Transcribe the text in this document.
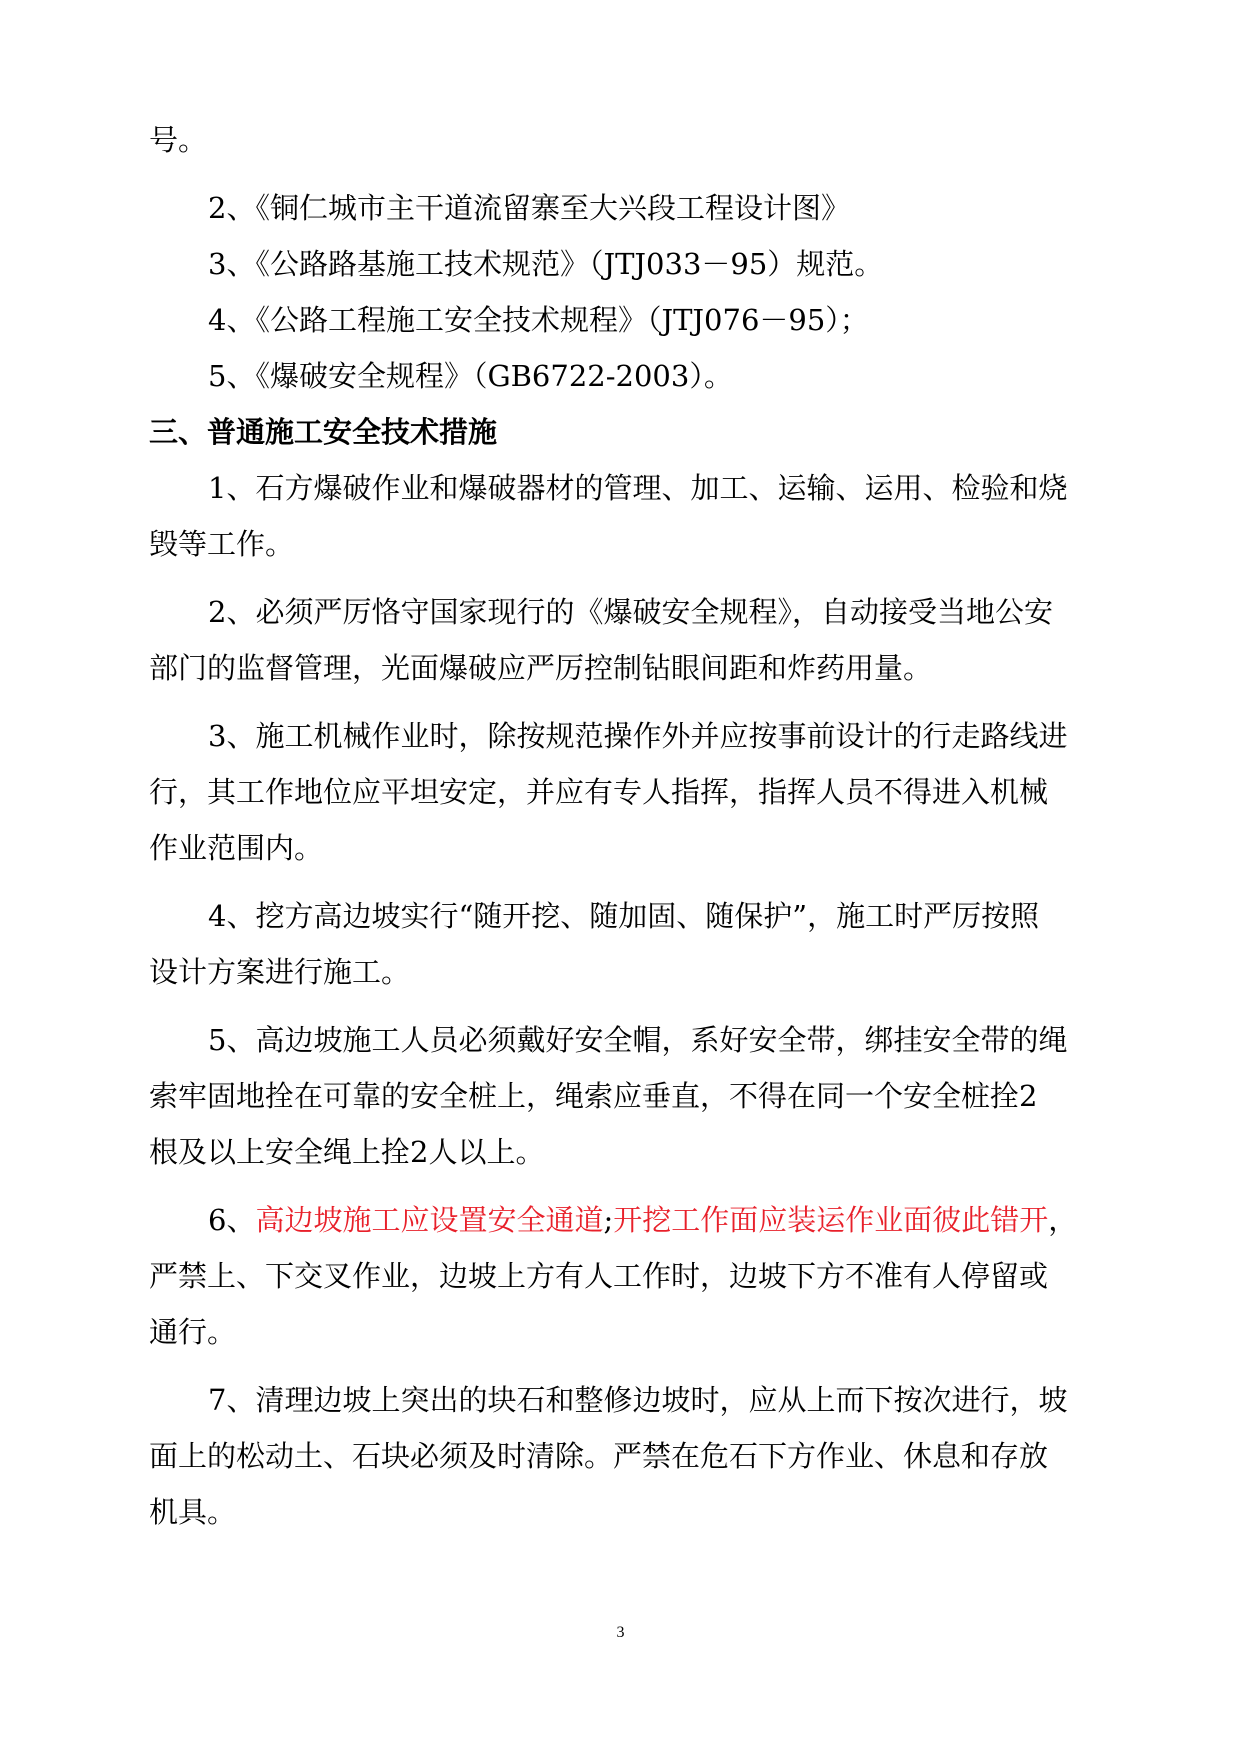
号。
2、《铜仁城市主干道流留寨至大兴段工程设计图》
3、《公路路基施工技术规范》（JTJ033－95）规范。
4、《公路工程施工安全技术规程》（JTJ076－95）；
5、《爆破安全规程》（GB6722-2003）。
三、普通施工安全技术措施
1、石方爆破作业和爆破器材的管理、加工、运输、运用、检验和烧
毁等工作。
2、必须严厉恪守国家现行的《爆破安全规程》，自动接受当地公安
部门的监督管理，光面爆破应严厉控制钻眼间距和炸药用量。
3、施工机械作业时，除按规范操作外并应按事前设计的行走路线进
行，其工作地位应平坦安定，并应有专人指挥，指挥人员不得进入机械
作业范围内。
4、挖方高边坡实行“随开挖、随加固、随保护”，施工时严厉按照
设计方案进行施工。
5、高边坡施工人员必须戴好安全帽，系好安全带，绑挂安全带的绳
索牢固地拴在可靠的安全桩上，绳索应垂直，不得在同一个安全桩拴2
根及以上安全绳上拴2人以上。
6、高边坡施工应设置安全通道;开挖工作面应装运作业面彼此错开，
严禁上、下交叉作业，边坡上方有人工作时，边坡下方不准有人停留或
通行。
7、清理边坡上突出的块石和整修边坡时，应从上而下按次进行，坡
面上的松动土、石块必须及时清除。严禁在危石下方作业、休息和存放
机具。
3
